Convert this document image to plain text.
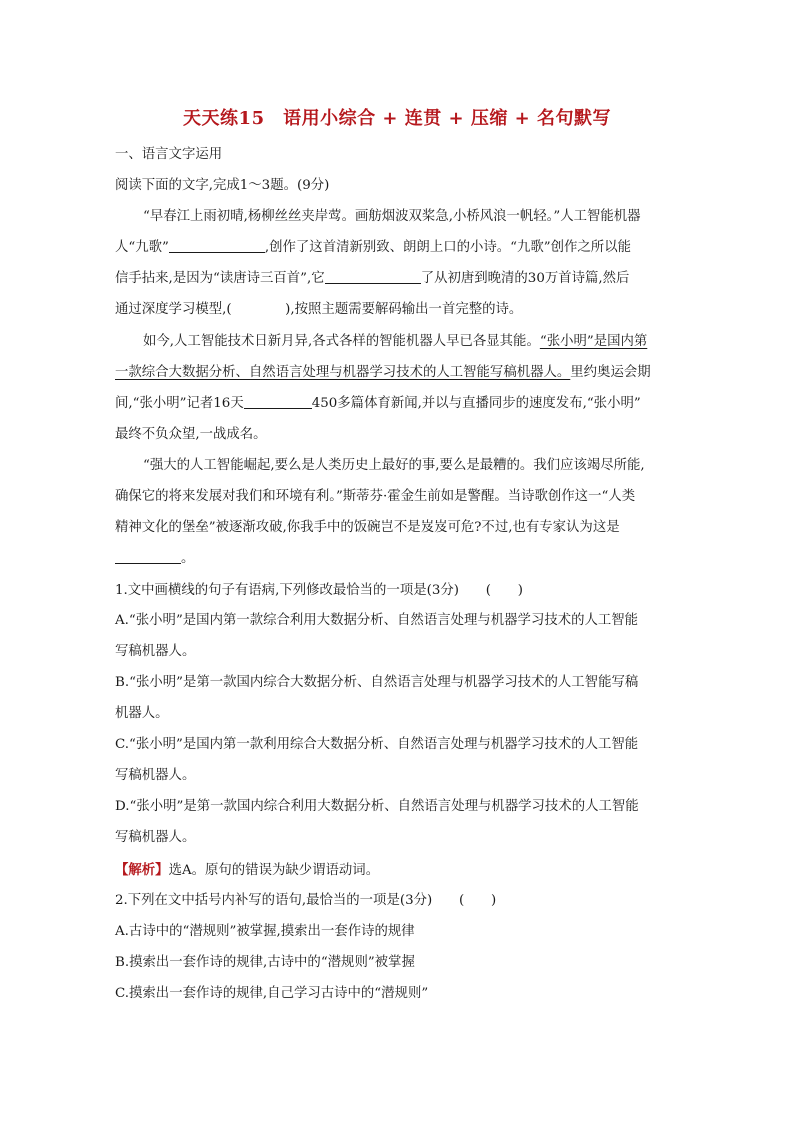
天天练15　语用小综合 + 连贯 + 压缩 + 名句默写
一、语言文字运用
阅读下面的文字,完成1～3题。(9分)
“早春江上雨初晴,杨柳丝丝夹岸莺。画舫烟波双桨急,小桥风浪一帆轻。”人工智能机器
人“九歌”	,创作了这首清新别致、朗朗上口的小诗。“九歌”创作之所以能
信手拈来,是因为“读唐诗三百首”,它	了从初唐到晚清的30万首诗篇,然后
通过深度学习模型,(　　　　),按照主题需要解码输出一首完整的诗。
如今,人工智能技术日新月异,各式各样的智能机器人早已各显其能。“张小明”是国内第
一款综合大数据分析、自然语言处理与机器学习技术的人工智能写稿机器人。里约奥运会期
间,“张小明”记者16天	450多篇体育新闻,并以与直播同步的速度发布,“张小明”
最终不负众望,一战成名。
“强大的人工智能崛起,要么是人类历史上最好的事,要么是最糟的。我们应该竭尽所能,
确保它的将来发展对我们和环境有利。”斯蒂芬·霍金生前如是警醒。当诗歌创作这一“人类
精神文化的堡垒”被逐渐攻破,你我手中的饭碗岂不是岌岌可危?不过,也有专家认为这是
。
1.文中画横线的句子有语病,下列修改最恰当的一项是(3分)　　(　　)
A.“张小明”是国内第一款综合利用大数据分析、自然语言处理与机器学习技术的人工智能
写稿机器人。
B.“张小明”是第一款国内综合大数据分析、自然语言处理与机器学习技术的人工智能写稿
机器人。
C.“张小明”是国内第一款利用综合大数据分析、自然语言处理与机器学习技术的人工智能
写稿机器人。
D.“张小明”是第一款国内综合利用大数据分析、自然语言处理与机器学习技术的人工智能
写稿机器人。
【解析】选A。原句的错误为缺少谓语动词。
2.下列在文中括号内补写的语句,最恰当的一项是(3分)　　(　　)
A.古诗中的“潜规则”被掌握,摸索出一套作诗的规律
B.摸索出一套作诗的规律,古诗中的“潜规则”被掌握
C.摸索出一套作诗的规律,自己学习古诗中的“潜规则”
